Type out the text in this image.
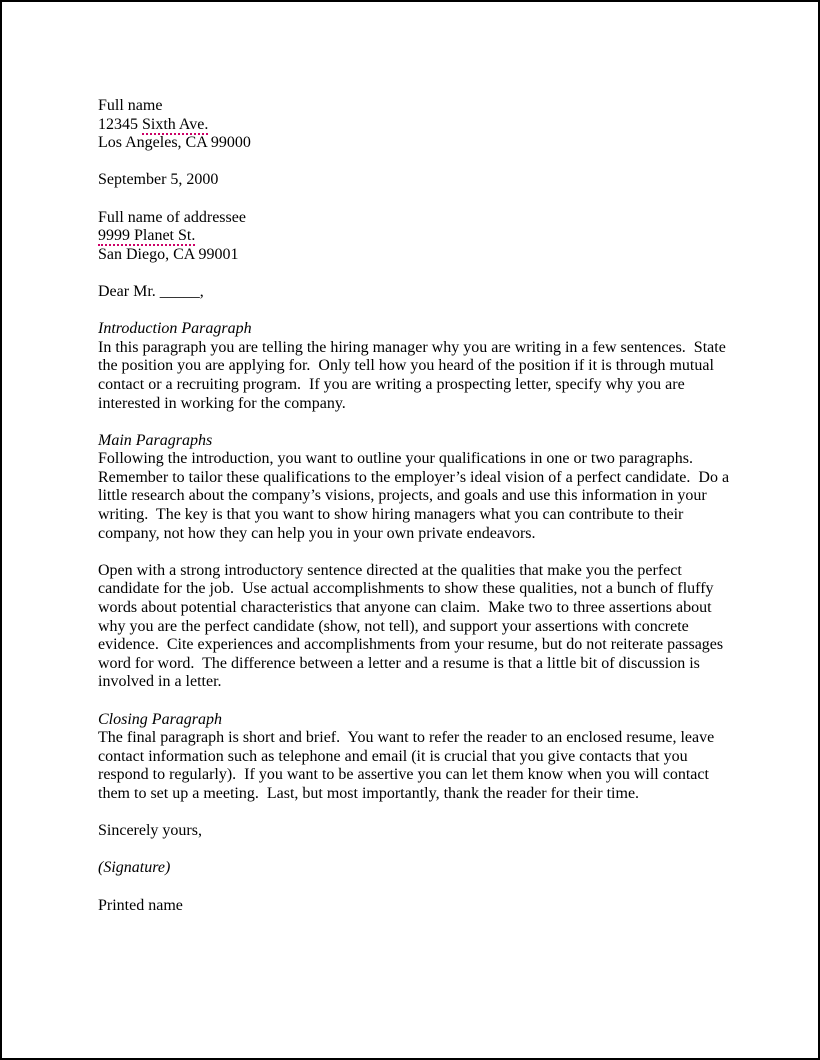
Full name
12345 Sixth Ave.
Los Angeles, CA 99000
September 5, 2000
Full name of addressee
9999 Planet St.
San Diego, CA 99001
Dear Mr. _____,
Introduction Paragraph
In this paragraph you are telling the hiring manager why you are writing in a few sentences.  State the position you are applying for.  Only tell how you heard of the position if it is through mutual contact or a recruiting program.  If you are writing a prospecting letter, specify why you are interested in working for the company.
Main Paragraphs
Following the introduction, you want to outline your qualifications in one or two paragraphs.  Remember to tailor these qualifications to the employer’s ideal vision of a perfect candidate.  Do a little research about the company’s visions, projects, and goals and use this information in your writing.  The key is that you want to show hiring managers what you can contribute to their company, not how they can help you in your own private endeavors.
Open with a strong introductory sentence directed at the qualities that make you the perfect candidate for the job.  Use actual accomplishments to show these qualities, not a bunch of fluffy words about potential characteristics that anyone can claim.  Make two to three assertions about why you are the perfect candidate (show, not tell), and support your assertions with concrete evidence.  Cite experiences and accomplishments from your resume, but do not reiterate passages word for word.  The difference between a letter and a resume is that a little bit of discussion is involved in a letter.
Closing Paragraph
The final paragraph is short and brief.  You want to refer the reader to an enclosed resume, leave contact information such as telephone and email (it is crucial that you give contacts that you respond to regularly).  If you want to be assertive you can let them know when you will contact them to set up a meeting.  Last, but most importantly, thank the reader for their time.
Sincerely yours,
(Signature)
Printed name
